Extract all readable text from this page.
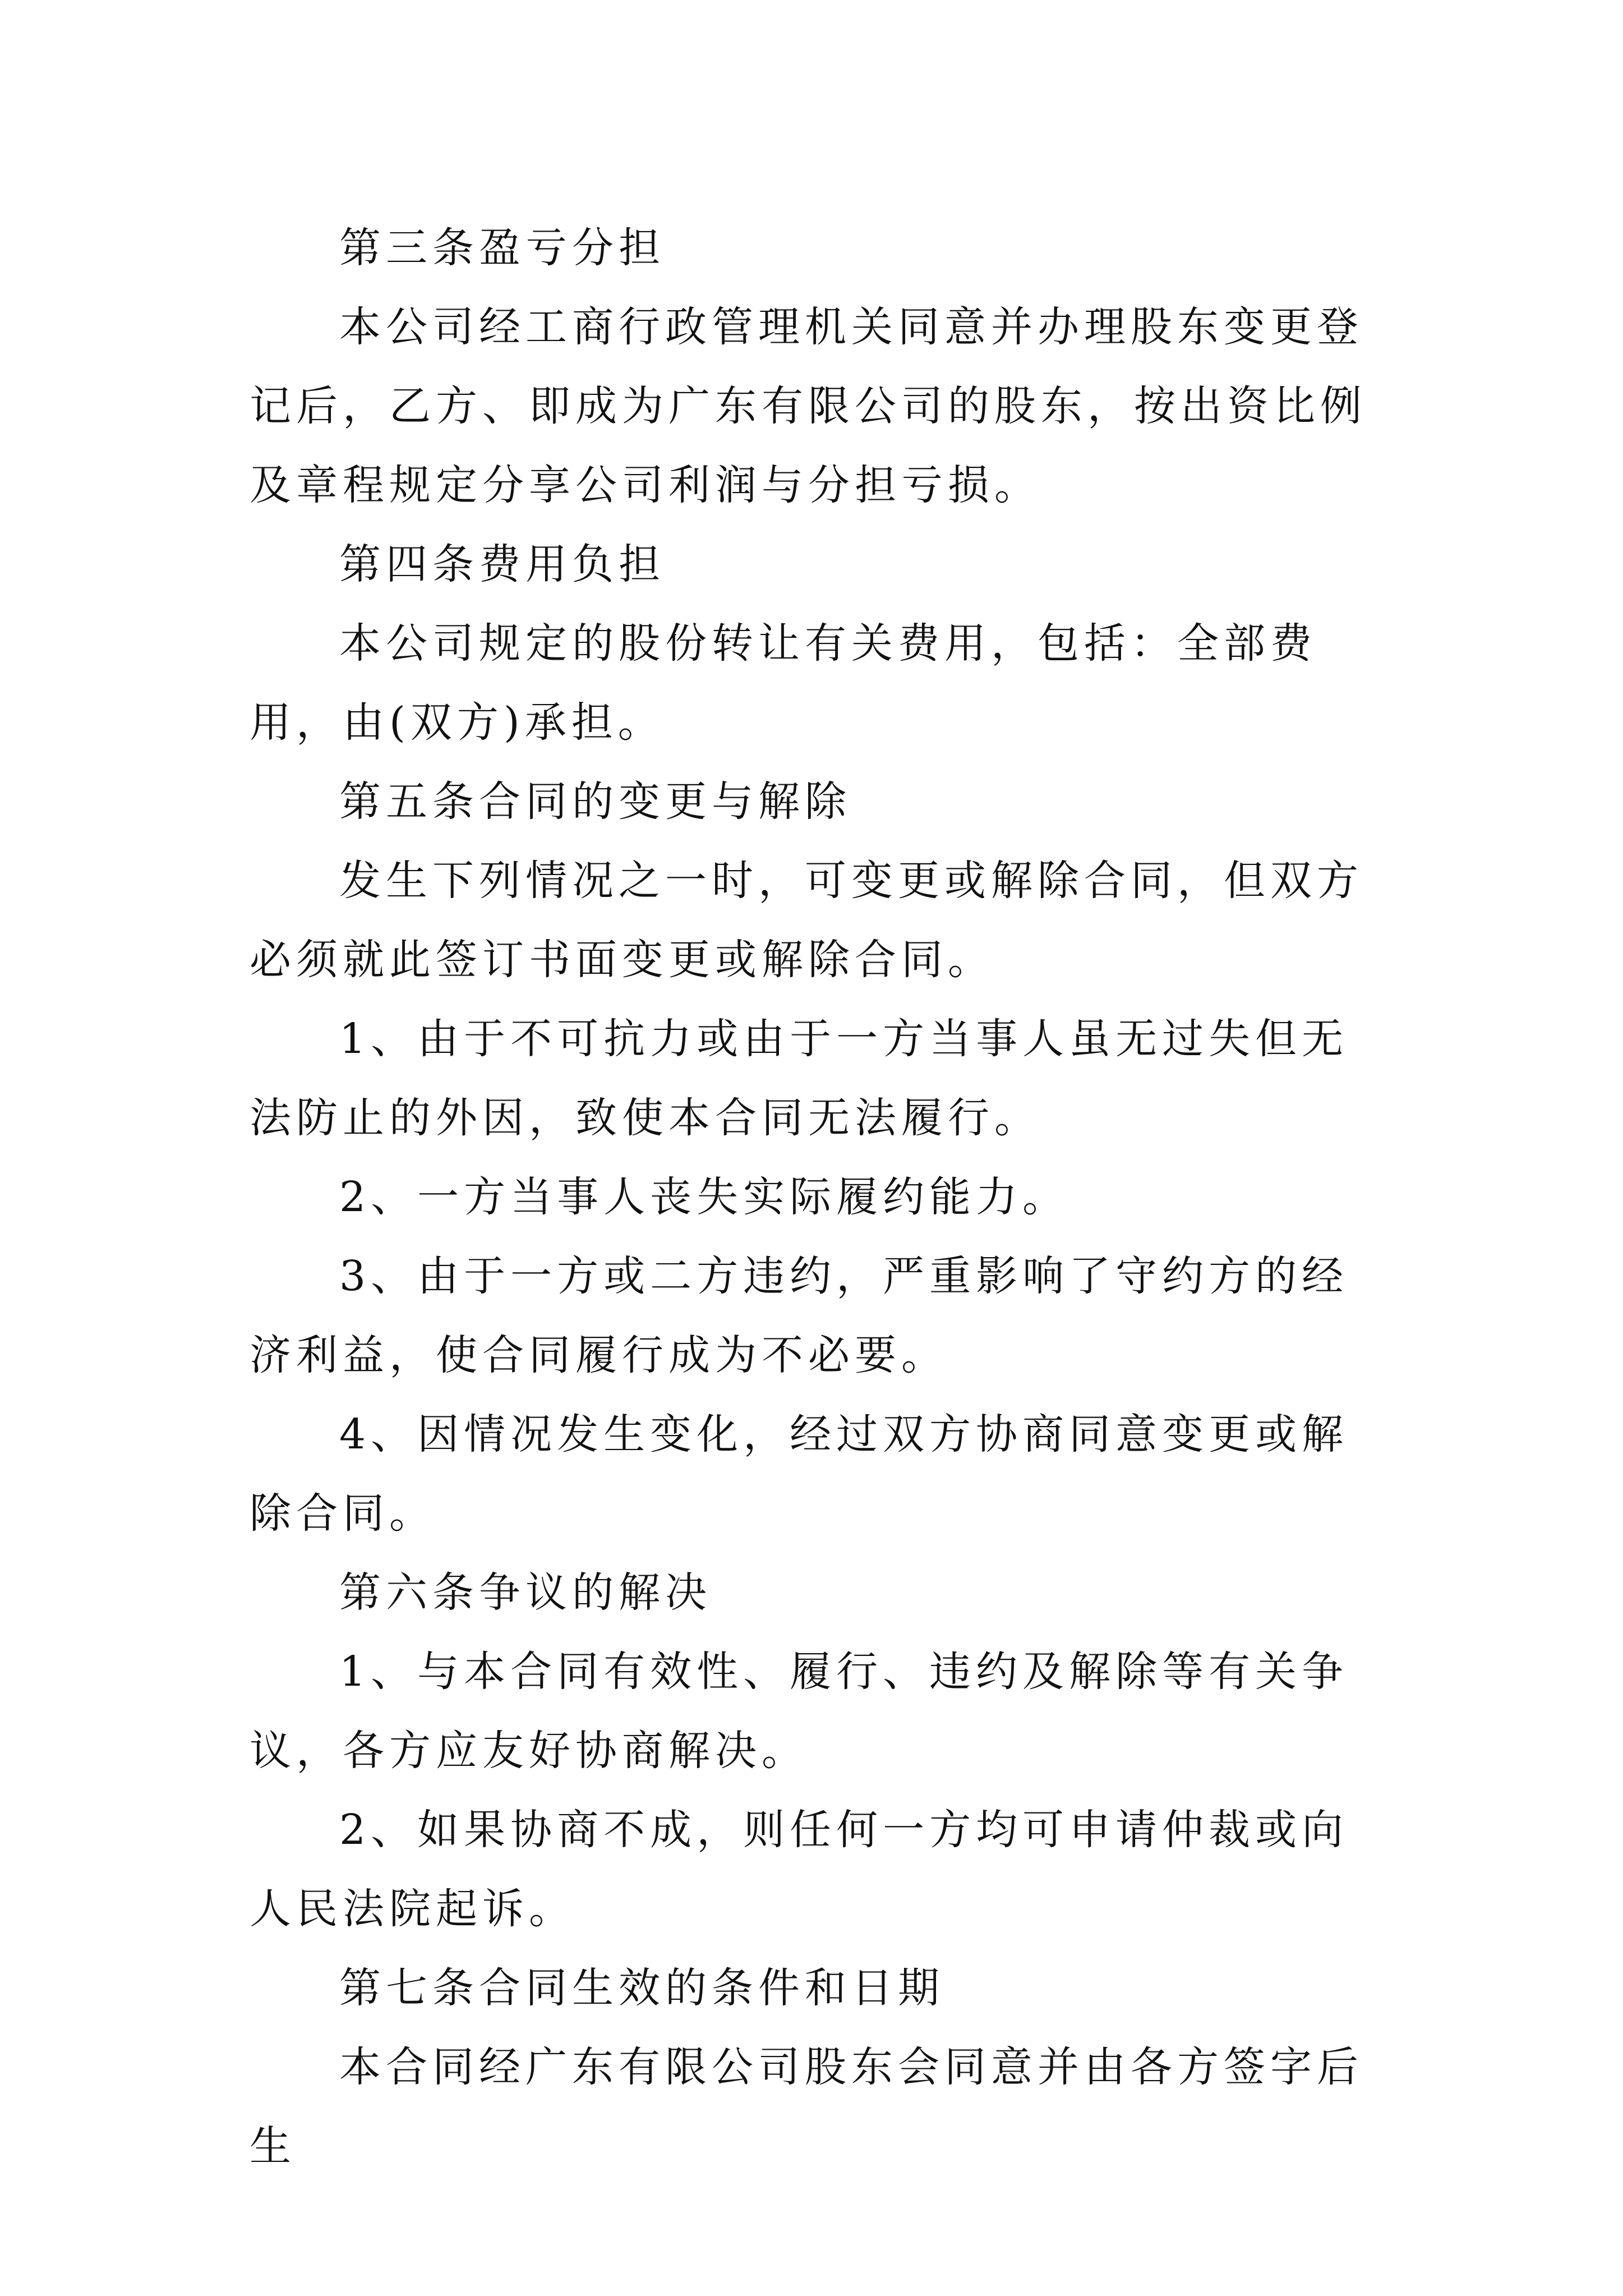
第三条盈亏分担

本公司经工商行政管理机关同意并办理股东变更登记后，乙方、即成为广东有限公司的股东，按出资比例及章程规定分享公司利润与分担亏损。

第四条费用负担

本公司规定的股份转让有关费用，包括：全部费用，由(双方)承担。

第五条合同的变更与解除

发生下列情况之一时，可变更或解除合同，但双方必须就此签订书面变更或解除合同。

1、由于不可抗力或由于一方当事人虽无过失但无法防止的外因，致使本合同无法履行。

2、一方当事人丧失实际履约能力。

3、由于一方或二方违约，严重影响了守约方的经济利益，使合同履行成为不必要。

4、因情况发生变化，经过双方协商同意变更或解除合同。

第六条争议的解决

1、与本合同有效性、履行、违约及解除等有关争议，各方应友好协商解决。

2、如果协商不成，则任何一方均可申请仲裁或向人民法院起诉。

第七条合同生效的条件和日期

本合同经广东有限公司股东会同意并由各方签字后生
